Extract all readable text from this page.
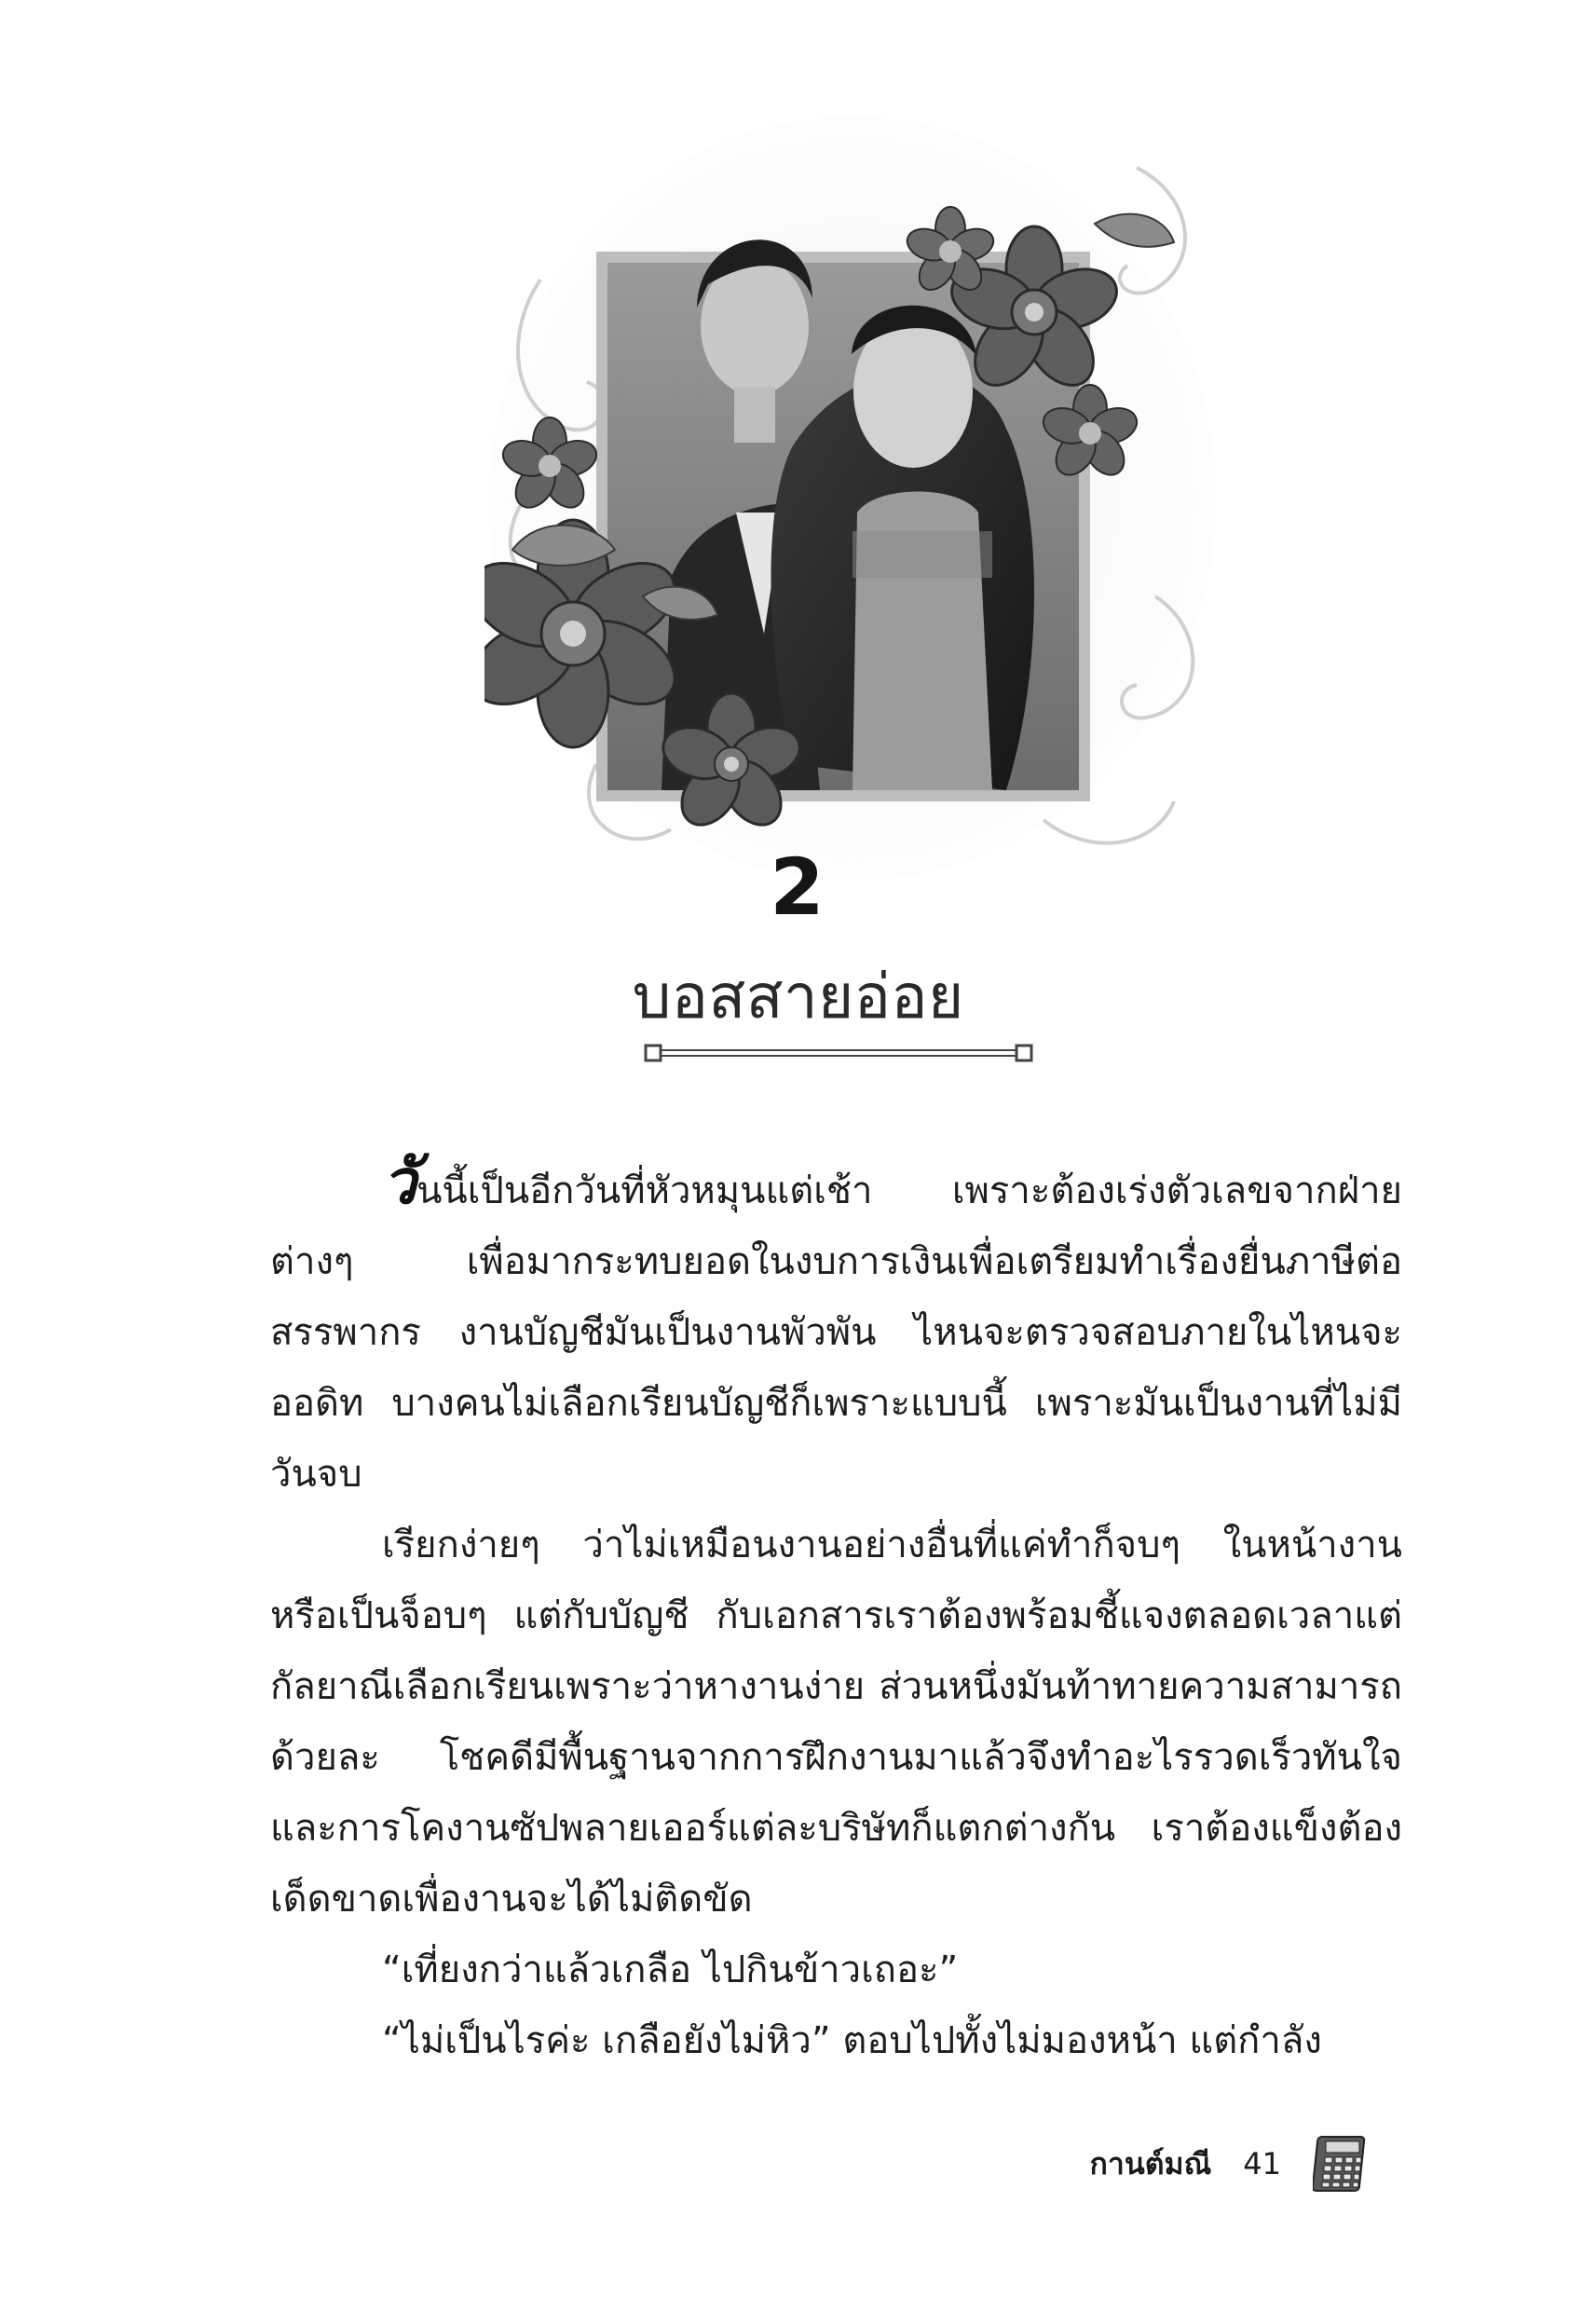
2
บอสสายอ่อย

วันนี้เป็นอีกวันที่หัวหมุนแต่เช้า เพราะต้องเร่งตัวเลขจากฝ่ายต่างๆ เพื่อมากระทบยอดในงบการเงินเพื่อเตรียมทำเรื่องยื่นภาษีต่อสรรพากร งานบัญชีมันเป็นงานพัวพัน ไหนจะตรวจสอบภายในไหนจะออดิท บางคนไม่เลือกเรียนบัญชีก็เพราะแบบนี้ เพราะมันเป็นงานที่ไม่มีวันจบ

เรียกง่ายๆ ว่าไม่เหมือนงานอย่างอื่นที่แค่ทำก็จบๆ ในหน้างานหรือเป็นจ็อบๆ แต่กับบัญชี กับเอกสารเราต้องพร้อมชี้แจงตลอดเวลาแต่กัลยาณีเลือกเรียนเพราะว่าหางานง่าย ส่วนหนึ่งมันท้าทายความสามารถด้วยละ โชคดีมีพื้นฐานจากการฝึกงานมาแล้วจึงทำอะไรรวดเร็วทันใจและการโคงานซัปพลายเออร์แต่ละบริษัทก็แตกต่างกัน เราต้องแข็งต้องเด็ดขาดเพื่องานจะได้ไม่ติดขัด

“เที่ยงกว่าแล้วเกลือ ไปกินข้าวเถอะ”

“ไม่เป็นไรค่ะ เกลือยังไม่หิว” ตอบไปทั้งไม่มองหน้า แต่กำลัง

กานต์มณี 41
